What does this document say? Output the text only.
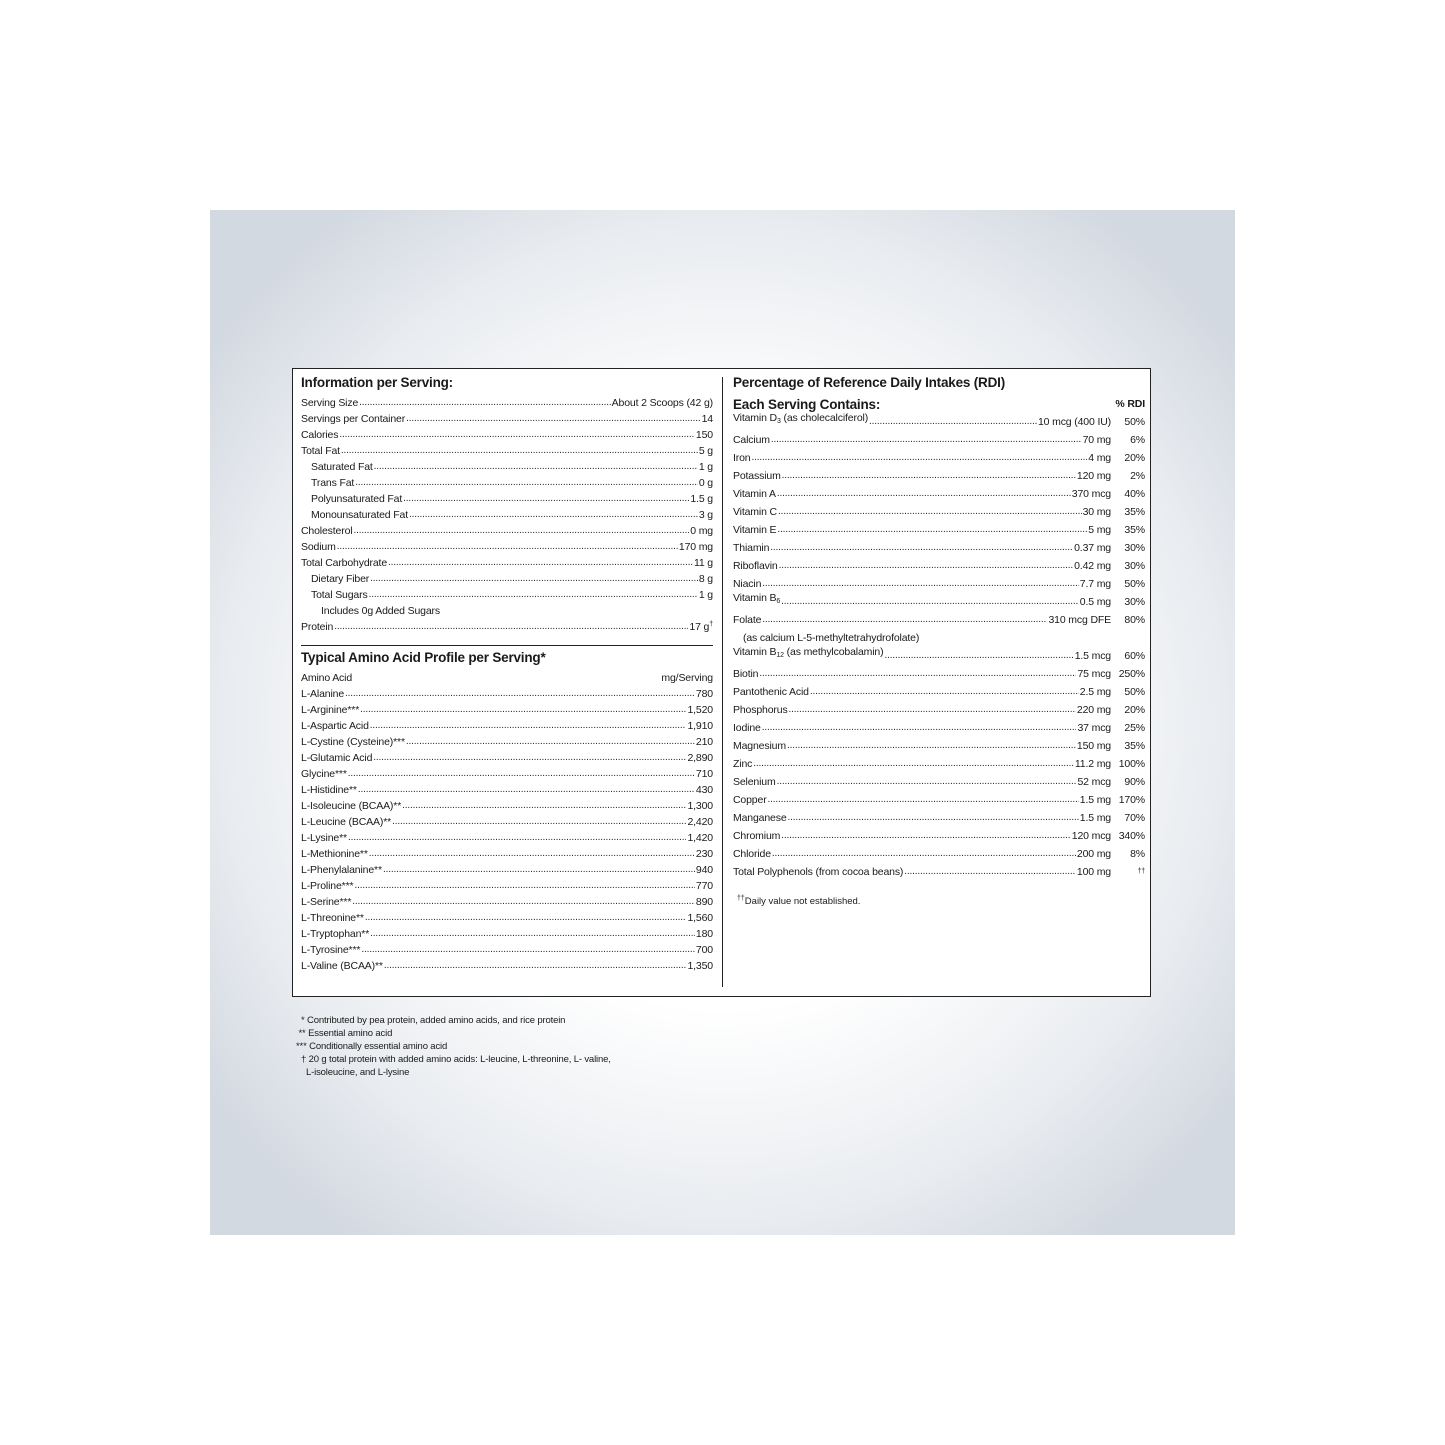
Information per Serving:
Serving Size .....	About 2 Scoops (42 g)
Servings per Container .....	14
Calories .....	150
Total Fat .....	5 g
Saturated Fat .....	1 g
Trans Fat .....	0 g
Polyunsaturated Fat .....	1.5 g
Monounsaturated Fat .....	3 g
Cholesterol .....	0 mg
Sodium .....	170 mg
Total Carbohydrate .....	11 g
Dietary Fiber .....	8 g
Total Sugars .....	1 g
Includes 0g Added Sugars
Protein .....	17 g†
Typical Amino Acid Profile per Serving*
Amino Acid	mg/Serving
L-Alanine .....	780
L-Arginine*** .....	1,520
L-Aspartic Acid .....	1,910
L-Cystine (Cysteine)*** .....	210
L-Glutamic Acid .....	2,890
Glycine*** .....	710
L-Histidine** .....	430
L-Isoleucine (BCAA)** .....	1,300
L-Leucine (BCAA)** .....	2,420
L-Lysine** .....	1,420
L-Methionine** .....	230
L-Phenylalanine** .....	940
L-Proline*** .....	770
L-Serine*** .....	890
L-Threonine** .....	1,560
L-Tryptophan** .....	180
L-Tyrosine*** .....	700
L-Valine (BCAA)** .....	1,350
Percentage of Reference Daily Intakes (RDI)
Each Serving Contains:	% RDI
Vitamin $D_3$ (as cholecalciferol) .....	10 mcg (400 IU)	50%
Calcium .....	70 mg	6%
Iron .....	4 mg	20%
Potassium .....	120 mg	2%
Vitamin A .....	370 mcg	40%
Vitamin C .....	30 mg	35%
Vitamin E .....	5 mg	35%
Thiamin .....	0.37 mg	30%
Riboflavin .....	0.42 mg	30%
Niacin .....	7.7 mg	50%
Vitamin $B_6$ .....	0.5 mg	30%
Folate .....	310 mcg DFE	80%
(as calcium L-5-methyltetrahydrofolate)
Vitamin $B_{12}$ (as methylcobalamin) .....	1.5 mcg	60%
Biotin .....	75 mcg 250%
Pantothenic Acid .....	2.5 mg	50%
Phosphorus .....	220 mg	20%
Iodine .....	37 mcg	25%
Magnesium .....	150 mg	35%
Zinc .....	11.2 mg 100%
Selenium .....	52 mcg	90%
Copper .....	1.5 mg 170%
Manganese .....	1.5 mg	70%
Chromium .....	120 mcg 340%
Chloride .....	200 mg	8%
Total Polyphenols (from cocoa beans) .....	100 mg	††
††Daily value not established.
* Contributed by pea protein, added amino acids, and rice protein
** Essential amino acid
*** Conditionally essential amino acid
† 20 g total protein with added amino acids: L-leucine, L-threonine, L- valine,
L-isoleucine, and L-lysine
